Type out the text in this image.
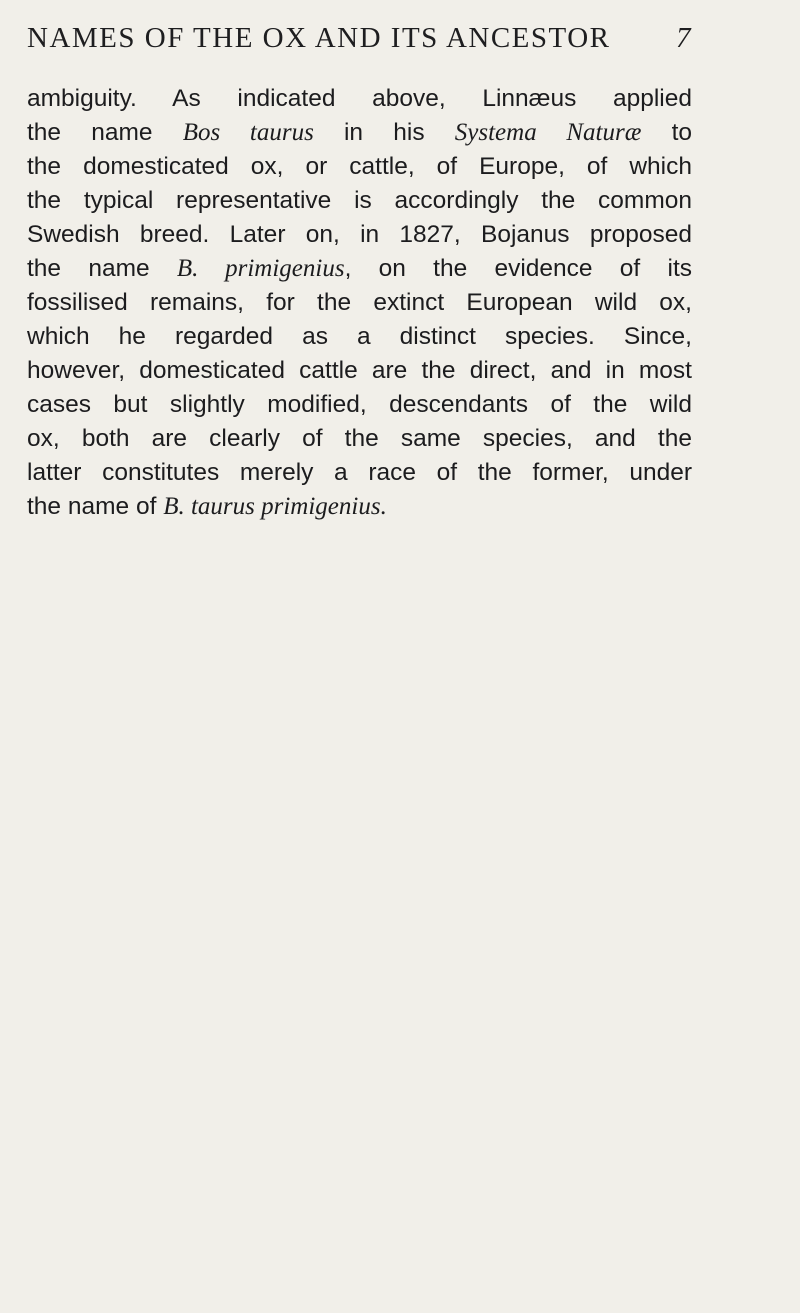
NAMES OF THE OX AND ITS ANCESTOR 7
ambiguity. As indicated above, Linnæus applied
the name Bos taurus in his Systema Naturæ to
the domesticated ox, or cattle, of Europe, of which
the typical representative is accordingly the common
Swedish breed. Later on, in 1827, Bojanus proposed
the name B. primigenius, on the evidence of its
fossilised remains, for the extinct European wild ox,
which he regarded as a distinct species. Since,
however, domesticated cattle are the direct, and in most
cases but slightly modified, descendants of the wild
ox, both are clearly of the same species, and the
latter constitutes merely a race of the former, under
the name of B. taurus primigenius.
